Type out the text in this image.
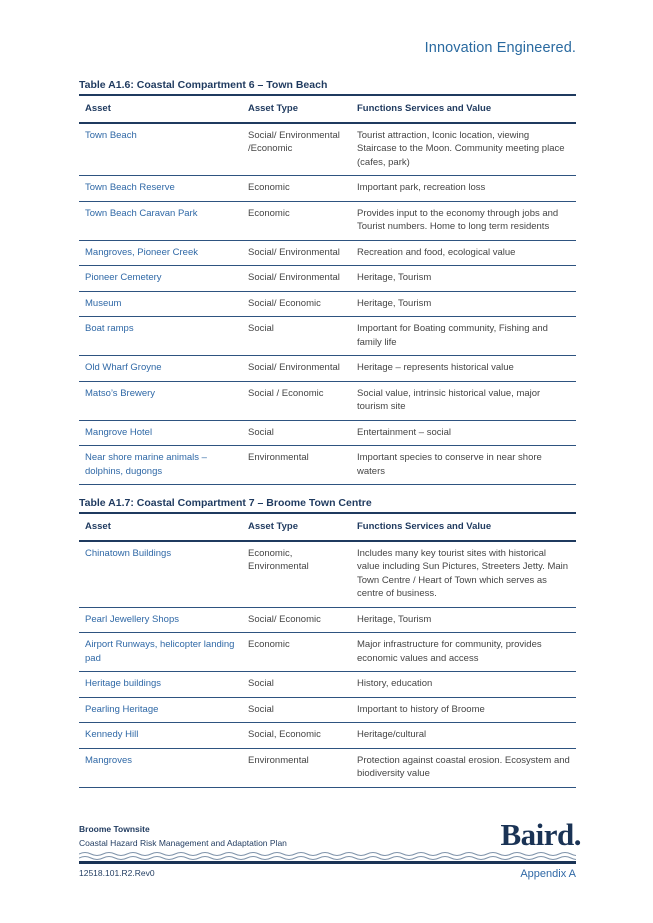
Innovation Engineered.
Table A1.6: Coastal Compartment 6 – Town Beach
Asset	Asset Type	Functions Services and Value
Town Beach	Social/ Environmental /Economic	Tourist attraction, Iconic location, viewing Staircase to the Moon. Community meeting place (cafes, park)
Town Beach Reserve	Economic	Important park, recreation loss
Town Beach Caravan Park	Economic	Provides input to the economy through jobs and Tourist numbers. Home to long term residents
Mangroves, Pioneer Creek	Social/ Environmental	Recreation and food, ecological value
Pioneer Cemetery	Social/ Environmental	Heritage, Tourism
Museum	Social/ Economic	Heritage, Tourism
Boat ramps	Social	Important for Boating community, Fishing and family life
Old Wharf Groyne	Social/ Environmental	Heritage – represents historical value
Matso’s Brewery	Social / Economic	Social value, intrinsic historical value, major tourism site
Mangrove Hotel	Social	Entertainment – social
Near shore marine animals – dolphins, dugongs	Environmental	Important species to conserve in near shore waters
Table A1.7: Coastal Compartment 7 – Broome Town Centre
Asset	Asset Type	Functions Services and Value
Chinatown Buildings	Economic, Environmental	Includes many key tourist sites with historical value including Sun Pictures, Streeters Jetty. Main Town Centre / Heart of Town which serves as centre of business.
Pearl Jewellery Shops	Social/ Economic	Heritage, Tourism
Airport Runways, helicopter landing pad	Economic	Major infrastructure for community, provides economic values and access
Heritage buildings	Social	History, education
Pearling Heritage	Social	Important to history of Broome
Kennedy Hill	Social, Economic	Heritage/cultural
Mangroves	Environmental	Protection against coastal erosion. Ecosystem and biodiversity value
Broome Townsite
Coastal Hazard Risk Management and Adaptation Plan	Baird.
12518.101.R2.Rev0	Appendix A
